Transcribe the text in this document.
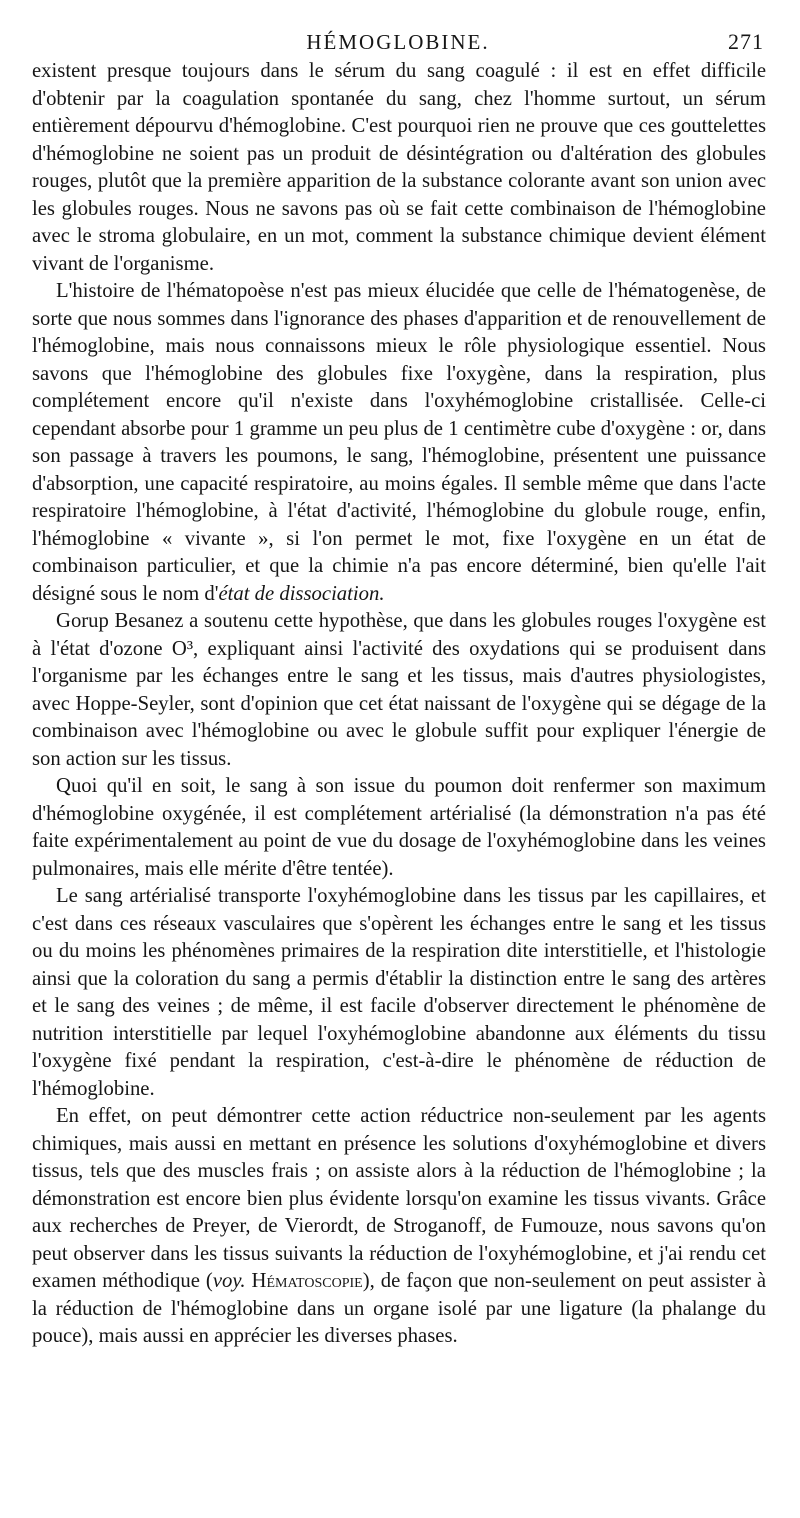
HÉMOGLOBINE.	271

existent presque toujours dans le sérum du sang coagulé : il est en effet difficile d'obtenir par la coagulation spontanée du sang, chez l'homme surtout, un sérum entièrement dépourvu d'hémoglobine. C'est pourquoi rien ne prouve que ces gouttelettes d'hémoglobine ne soient pas un produit de désintégration ou d'altération des globules rouges, plutôt que la première apparition de la substance colorante avant son union avec les globules rouges. Nous ne savons pas où se fait cette combinaison de l'hémoglobine avec le stroma globulaire, en un mot, comment la substance chimique devient élément vivant de l'organisme.

L'histoire de l'hématopoèse n'est pas mieux élucidée que celle de l'hématogenèse, de sorte que nous sommes dans l'ignorance des phases d'apparition et de renouvellement de l'hémoglobine, mais nous connaissons mieux le rôle physiologique essentiel. Nous savons que l'hémoglobine des globules fixe l'oxygène, dans la respiration, plus complétement encore qu'il n'existe dans l'oxyhémoglobine cristallisée. Celle-ci cependant absorbe pour 1 gramme un peu plus de 1 centimètre cube d'oxygène : or, dans son passage à travers les poumons, le sang, l'hémoglobine, présentent une puissance d'absorption, une capacité respiratoire, au moins égales. Il semble même que dans l'acte respiratoire l'hémoglobine, à l'état d'activité, l'hémoglobine du globule rouge, enfin, l'hémoglobine « vivante », si l'on permet le mot, fixe l'oxygène en un état de combinaison particulier, et que la chimie n'a pas encore déterminé, bien qu'elle l'ait désigné sous le nom d'état de dissociation.

Gorup Besanez a soutenu cette hypothèse, que dans les globules rouges l'oxygène est à l'état d'ozone O³, expliquant ainsi l'activité des oxydations qui se produisent dans l'organisme par les échanges entre le sang et les tissus, mais d'autres physiologistes, avec Hoppe-Seyler, sont d'opinion que cet état naissant de l'oxygène qui se dégage de la combinaison avec l'hémoglobine ou avec le globule suffit pour expliquer l'énergie de son action sur les tissus.

Quoi qu'il en soit, le sang à son issue du poumon doit renfermer son maximum d'hémoglobine oxygénée, il est complétement artérialisé (la démonstration n'a pas été faite expérimentalement au point de vue du dosage de l'oxyhémoglobine dans les veines pulmonaires, mais elle mérite d'être tentée).

Le sang artérialisé transporte l'oxyhémoglobine dans les tissus par les capillaires, et c'est dans ces réseaux vasculaires que s'opèrent les échanges entre le sang et les tissus ou du moins les phénomènes primaires de la respiration dite interstitielle, et l'histologie ainsi que la coloration du sang a permis d'établir la distinction entre le sang des artères et le sang des veines ; de même, il est facile d'observer directement le phénomène de nutrition interstitielle par lequel l'oxyhémoglobine abandonne aux éléments du tissu l'oxygène fixé pendant la respiration, c'est-à-dire le phénomène de réduction de l'hémoglobine.

En effet, on peut démontrer cette action réductrice non-seulement par les agents chimiques, mais aussi en mettant en présence les solutions d'oxyhémoglobine et divers tissus, tels que des muscles frais ; on assiste alors à la réduction de l'hémoglobine ; la démonstration est encore bien plus évidente lorsqu'on examine les tissus vivants. Grâce aux recherches de Preyer, de Vierordt, de Stroganoff, de Fumouze, nous savons qu'on peut observer dans les tissus suivants la réduction de l'oxyhémoglobine, et j'ai rendu cet examen méthodique (voy. Hématoscopie), de façon que non-seulement on peut assister à la réduction de l'hémoglobine dans un organe isolé par une ligature (la phalange du pouce), mais aussi en apprécier les diverses phases.
